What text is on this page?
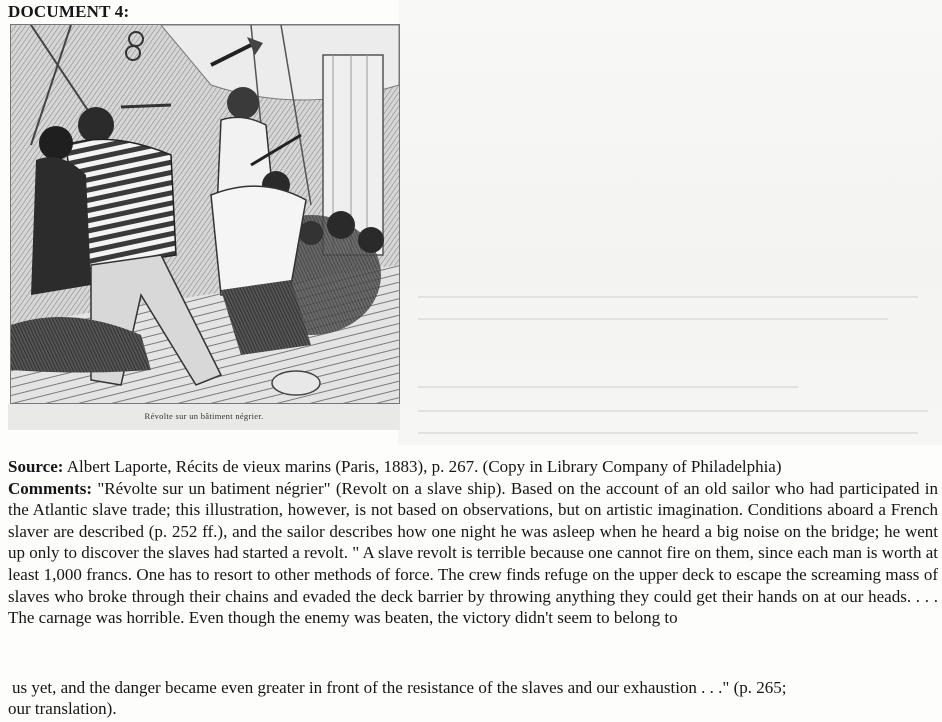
DOCUMENT 4:
Révolte sur un bâtiment négrier.

Source: Albert Laporte, Récits de vieux marins (Paris, 1883), p. 267. (Copy in Library Company of Philadelphia)

Comments: "Révolte sur un batiment négrier" (Revolt on a slave ship). Based on the account of an old sailor who had participated in the Atlantic slave trade; this illustration, however, is not based on observations, but on artistic imagination. Conditions aboard a French slaver are described (p. 252 ff.), and the sailor describes how one night he was asleep when he heard a big noise on the bridge; he went up only to discover the slaves had started a revolt. " A slave revolt is terrible because one cannot fire on them, since each man is worth at least 1,000 francs. One has to resort to other methods of force. The crew finds refuge on the upper deck to escape the screaming mass of slaves who broke through their chains and evaded the deck barrier by throwing anything they could get their hands on at our heads. . . . The carnage was horrible. Even though the enemy was beaten, the victory didn't seem to belong to

us yet, and the danger became even greater in front of the resistance of the slaves and our exhaustion . . ." (p. 265;
our translation).
